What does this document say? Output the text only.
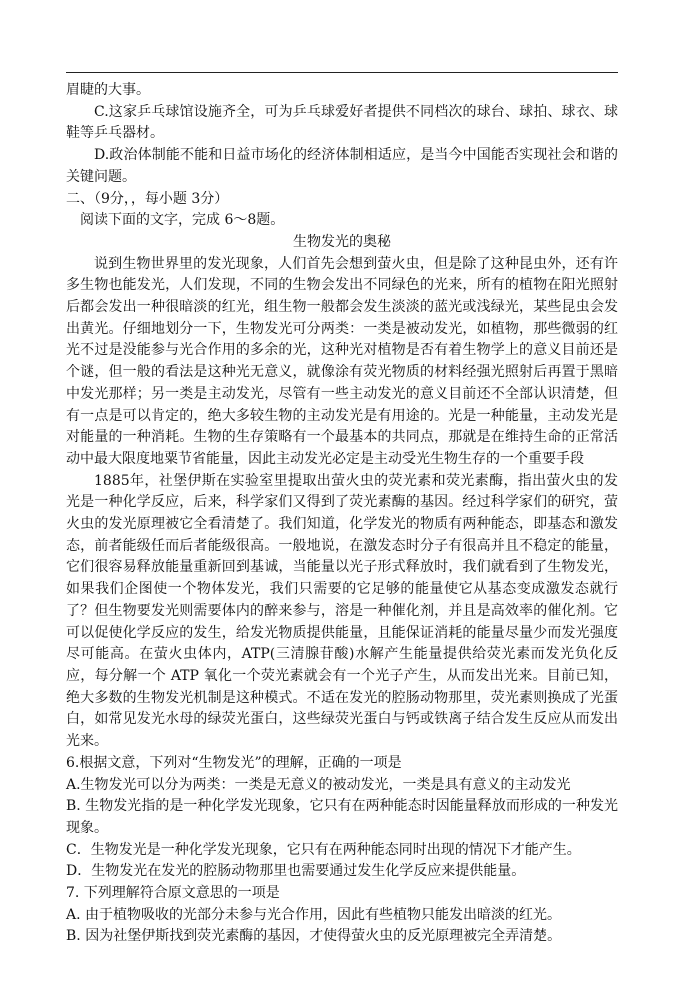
眉睫的大事。

C.这家乒乓球馆设施齐全，可为乒乓球爱好者提供不同档次的球台、球拍、球衣、球鞋等乒乓器材。

D.政治体制能不能和日益市场化的经济体制相适应，是当今中国能否实现社会和谐的关键问题。

二、（9分，，每小题 3分）

阅读下面的文字，完成 6～8题。

生物发光的奥秘

说到生物世界里的发光现象，人们首先会想到萤火虫，但是除了这种昆虫外，还有许多生物也能发光，人们发现，不同的生物会发出不同绿色的光来，所有的植物在阳光照射后都会发出一种很暗淡的红光，组生物一般都会发生淡淡的蓝光或浅绿光，某些昆虫会发出黄光。仔细地划分一下，生物发光可分两类：一类是被动发光，如植物，那些微弱的红光不过是没能参与光合作用的多余的光，这种光对植物是否有着生物学上的意义目前还是个谜，但一般的看法是这种光无意义，就像涂有荧光物质的材料经强光照射后再置于黑暗中发光那样；另一类是主动发光，尽管有一些主动发光的意义目前还不全部认识清楚，但有一点是可以肯定的，绝大多较生物的主动发光是有用途的。光是一种能量，主动发光是对能量的一种消耗。生物的生存策略有一个最基本的共同点，那就是在维持生命的正常活动中最大限度地粟节省能量，因此主动发光必定是主动受光生物生存的一个重要手段

1885年，社堡伊斯在实验室里提取出萤火虫的荧光素和荧光素酶，指出萤火虫的发光是一种化学反应，后来，科学家们又得到了荧光素酶的基因。经过科学家们的研究，萤火虫的发光原理被它全看清楚了。我们知道，化学发光的物质有两种能态，即基态和激发态，前者能级任而后者能级很高。一般地说，在激发态时分子有很高并且不稳定的能量，它们很容易释放能量重新回到基诚，当能量以光子形式释放时，我们就看到了生物发光，如果我们企图使一个物体发光，我们只需要的它足够的能量使它从基态变成激发态就行了？但生物要发光则需要体内的醉来参与，溶是一种催化剂，并且是高效率的催化剂。它可以促使化学反应的发生，给发光物质提供能量，且能保证消耗的能量尽量少而发光强度尽可能高。在萤火虫体内，ATP(三清腺苷酸)水解产生能量提供给荧光素而发光负化反应，每分解一个 ATP 氧化一个荧光素就会有一个光子产生，从而发出光来。目前已知，绝大多数的生物发光机制是这种模式。不适在发光的腔肠动物那里，荧光素则换成了光蛋白，如常见发光水母的绿荧光蛋白，这些绿荧光蛋白与钙或铁离子结合发生反应从而发出光来。

6.根据文意，下列对“生物发光”的理解，正确的一项是

A.生物发光可以分为两类：一类是无意义的被动发光，一类是具有意义的主动发光

B. 生物发光指的是一种化学发光现象，它只有在两种能态时因能量释放而形成的一种发光现象。

C．生物发光是一种化学发光现象，它只有在两种能态同时出现的情况下才能产生。

D．生物发光在发光的腔肠动物那里也需要通过发生化学反应来提供能量。

7. 下列理解符合原文意思的一项是

A. 由于植物吸收的光部分未参与光合作用，因此有些植物只能发出暗淡的红光。

B. 因为社堡伊斯找到荧光素酶的基因，才使得萤火虫的反光原理被完全弄清楚。
